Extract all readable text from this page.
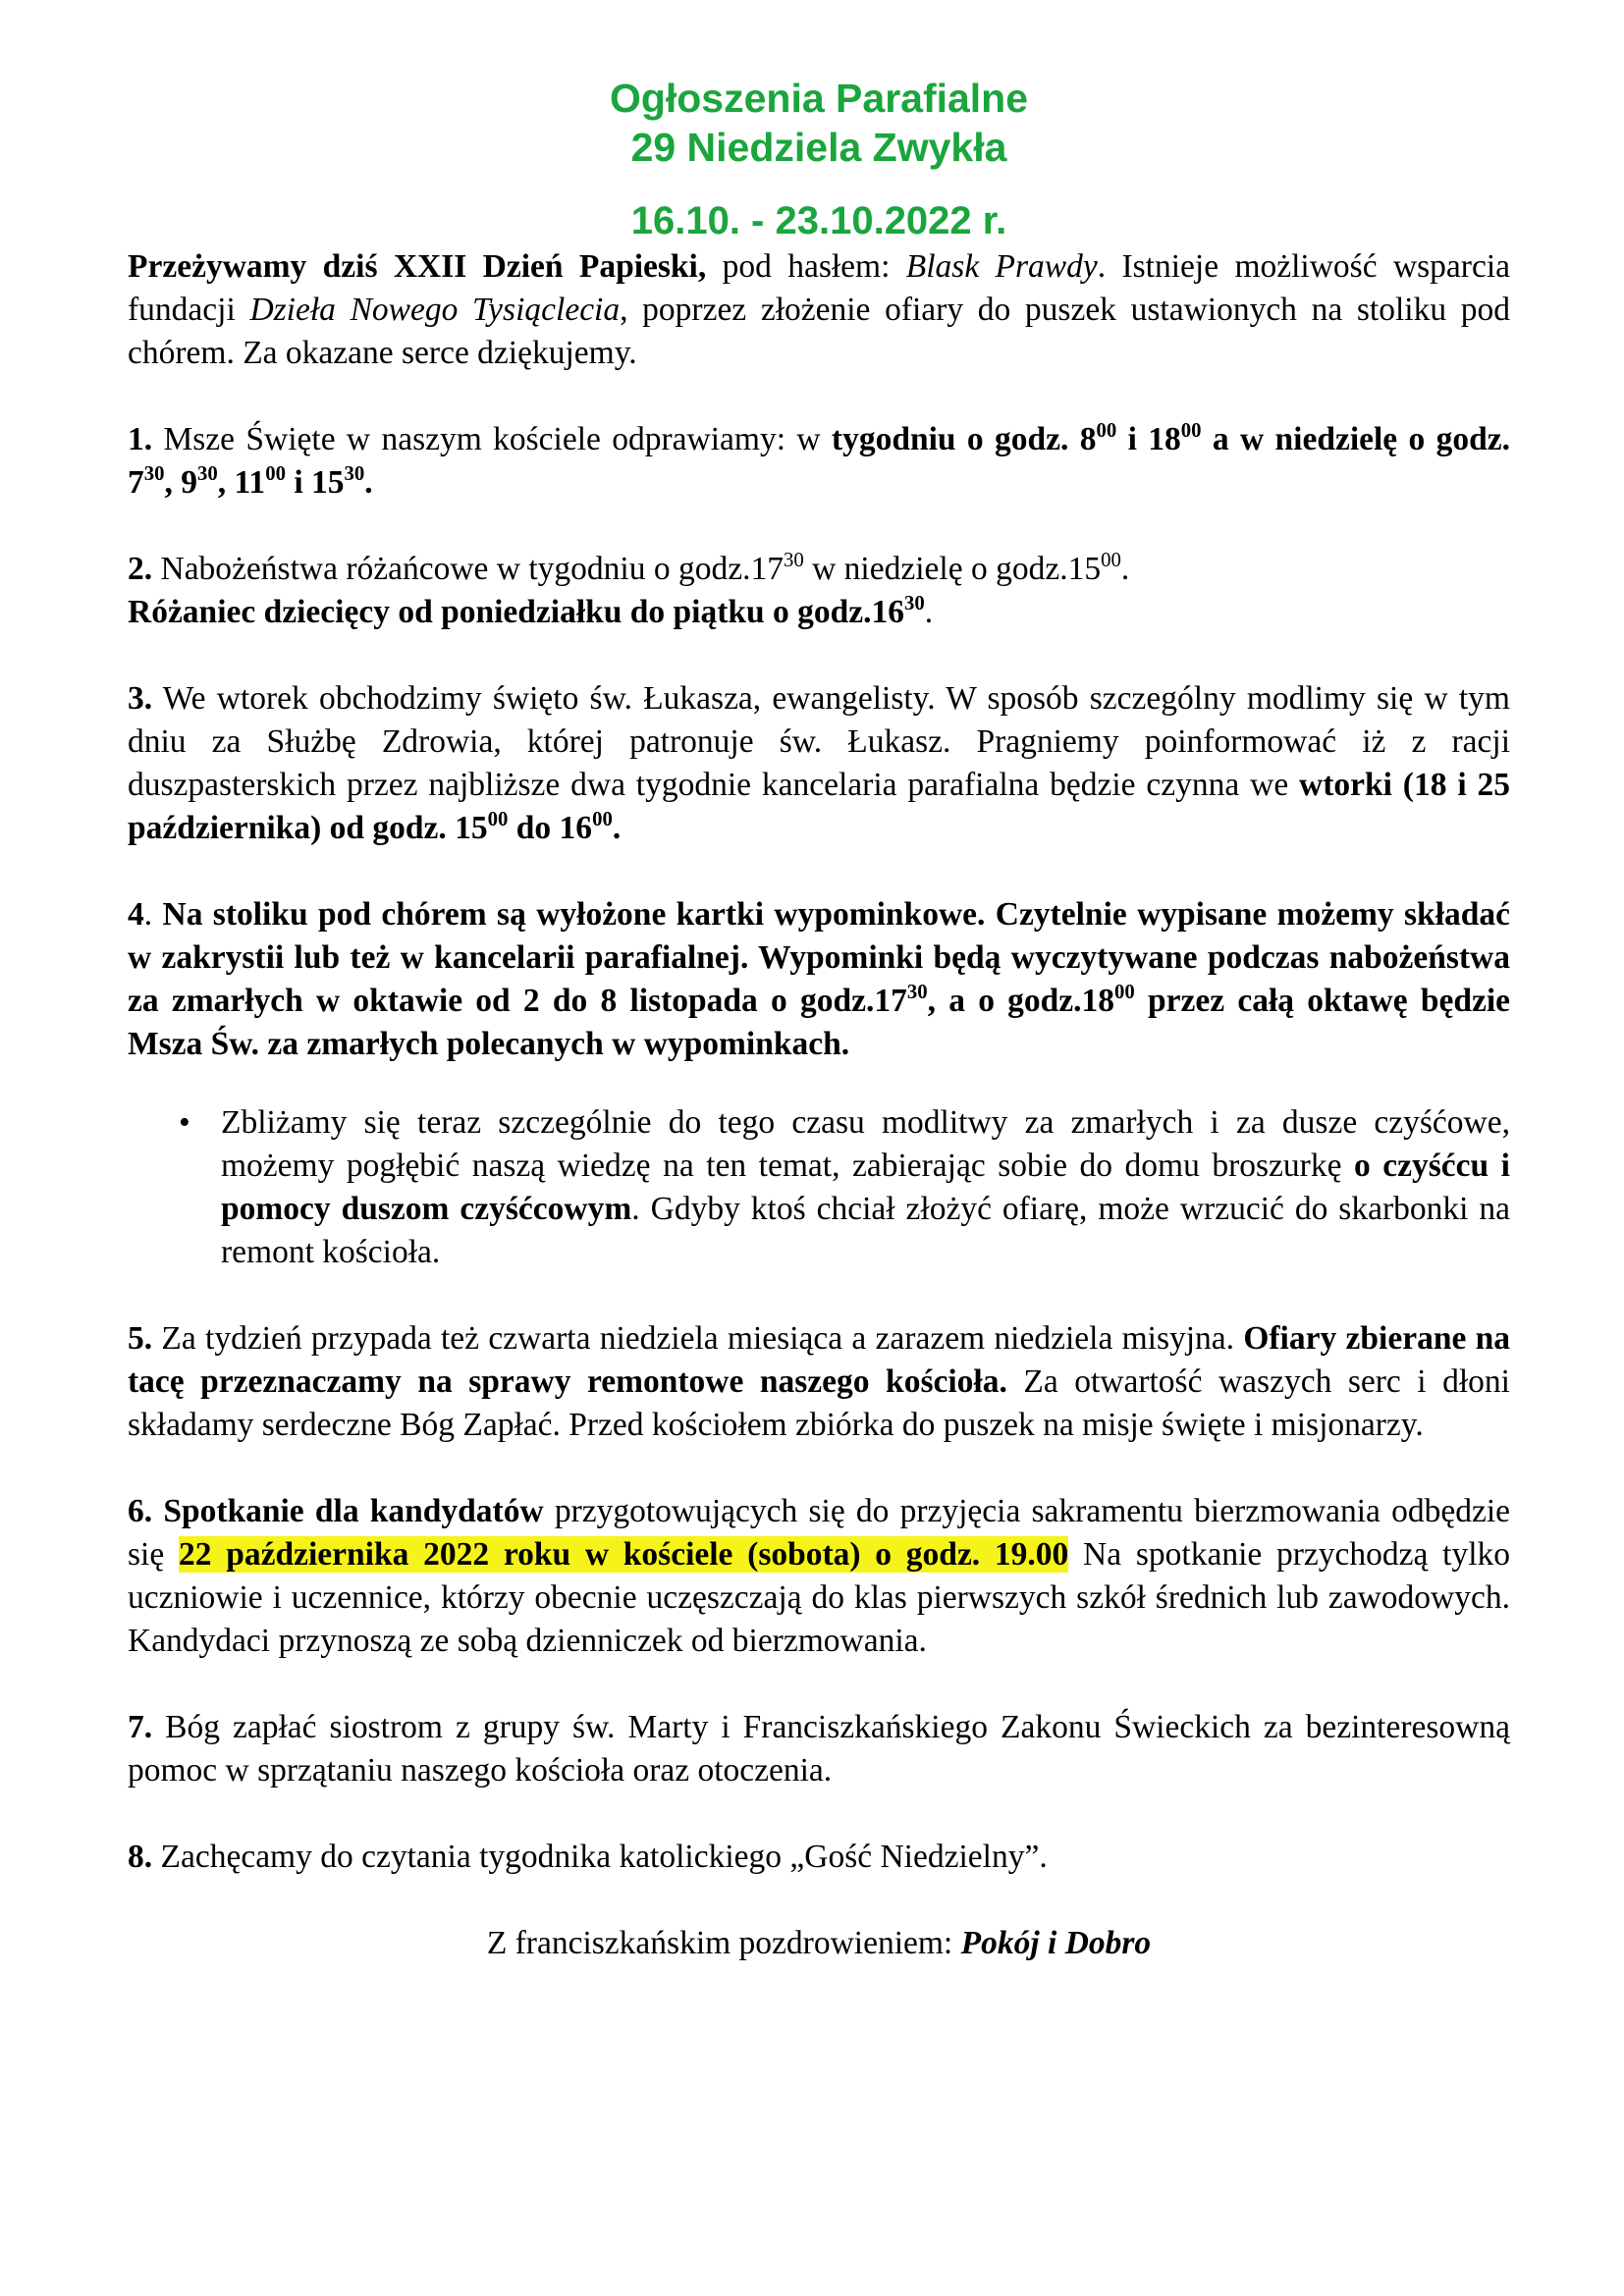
Ogłoszenia Parafialne
29 Niedziela Zwykła
16.10. - 23.10.2022 r.

Przeżywamy dziś XXII Dzień Papieski, pod hasłem: Blask Prawdy. Istnieje możliwość wsparcia fundacji Dzieła Nowego Tysiąclecia, poprzez złożenie ofiary do puszek ustawionych na stoliku pod chórem. Za okazane serce dziękujemy.

1. Msze Święte w naszym kościele odprawiamy: w tygodniu o godz. $8^{00}$ i $18^{00}$ a w niedzielę o godz. $7^{30}$, $9^{30}$, $11^{00}$ i $15^{30}$.

2. Nabożeństwa różańcowe w tygodniu o $godz.17^{30}$ w niedzielę o $godz.15^{00}$.
Różaniec dziecięcy od poniedziałku do piątku o $godz.16^{30}$.

3. We wtorek obchodzimy święto św. Łukasza, ewangelisty. W sposób szczególny modlimy się w tym dniu za Służbę Zdrowia, której patronuje św. Łukasz. Pragniemy poinformować iż z racji duszpasterskich przez najbliższe dwa tygodnie kancelaria parafialna będzie czynna we wtorki (18 i 25 października) od godz. $15^{00}$ do $16^{00}$.

4. Na stoliku pod chórem są wyłożone kartki wypominkowe. Czytelnie wypisane możemy składać w zakrystii lub też w kancelarii parafialnej. Wypominki będą wyczytywane podczas nabożeństwa za zmarłych w oktawie od 2 do 8 listopada o $godz.17^{30}$, a o $godz.18^{00}$ przez całą oktawę będzie Msza Św. za zmarłych polecanych w wypominkach.

• Zbliżamy się teraz szczególnie do tego czasu modlitwy za zmarłych i za dusze czyśćowe, możemy pogłębić naszą wiedzę na ten temat, zabierając sobie do domu broszurkę o czyśćcu i pomocy duszom czyśćcowym. Gdyby ktoś chciał złożyć ofiarę, może wrzucić do skarbonki na remont kościoła.

5. Za tydzień przypada też czwarta niedziela miesiąca a zarazem niedziela misyjna. Ofiary zbierane na tacę przeznaczamy na sprawy remontowe naszego kościoła. Za otwartość waszych serc i dłoni składamy serdeczne Bóg Zapłać. Przed kościołem zbiórka do puszek na misje święte i misjonarzy.

6. Spotkanie dla kandydatów przygotowujących się do przyjęcia sakramentu bierzmowania odbędzie się 22 października 2022 roku w kościele (sobota) o godz. 19.00 Na spotkanie przychodzą tylko uczniowie i uczennice, którzy obecnie uczęszczają do klas pierwszych szkół średnich lub zawodowych. Kandydaci przynoszą ze sobą dzienniczek od bierzmowania.

7. Bóg zapłać siostrom z grupy św. Marty i Franciszkańskiego Zakonu Świeckich za bezinteresowną pomoc w sprzątaniu naszego kościoła oraz otoczenia.

8. Zachęcamy do czytania tygodnika katolickiego „Gość Niedzielny”.

Z franciszkańskim pozdrowieniem: Pokój i Dobro
